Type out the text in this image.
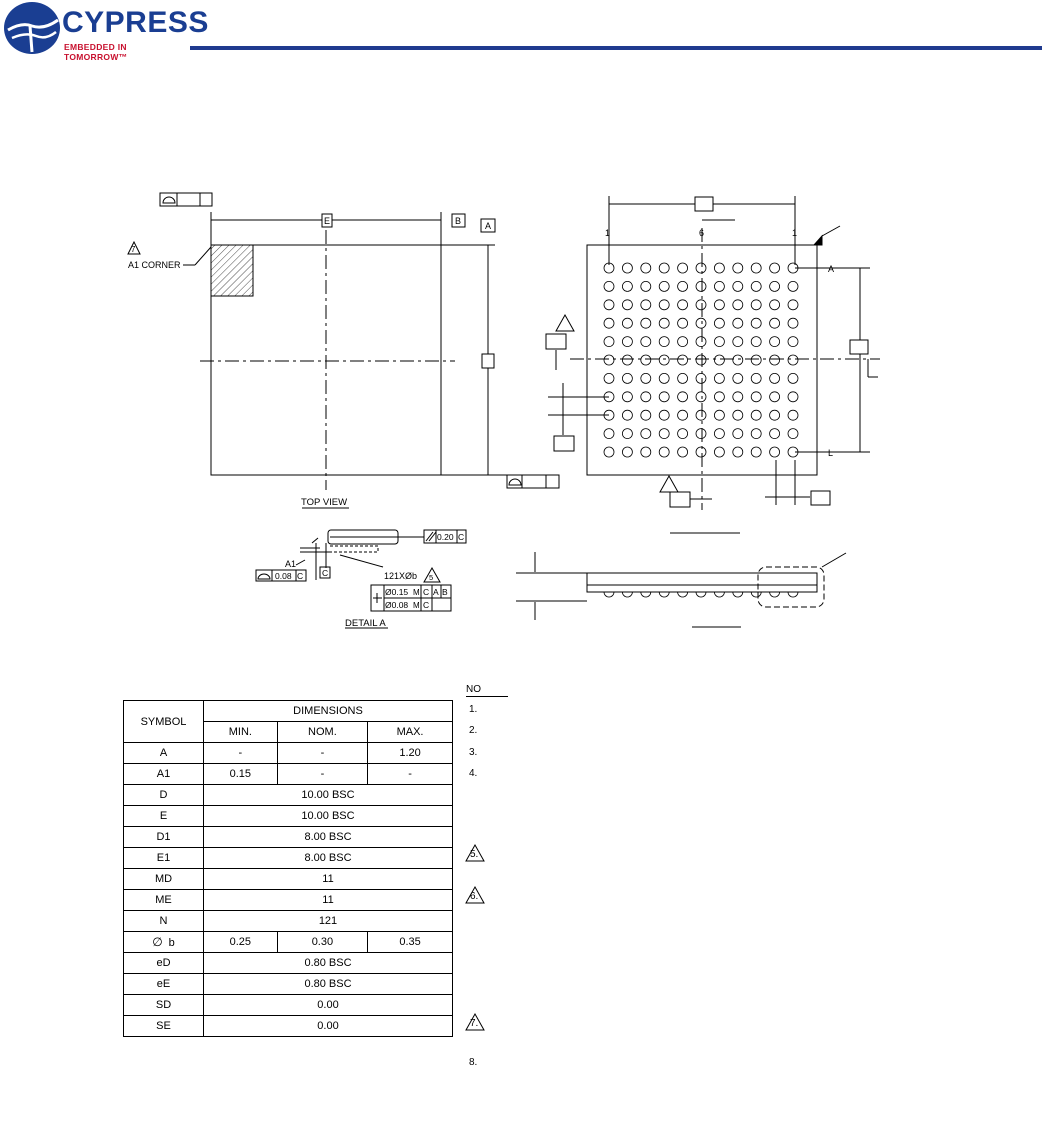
CYPRESS
EMBEDDED IN TOMORROW™
TOP VIEW
DETAIL A
7
A1 CORNER
E	B	A
1	6	1
A
L
A1
0.08 C C
0.20 C
121XØb 5
Ø0.15 M C A B
Ø0.08 M C
SYMBOL	DIMENSIONS		
	MIN.	NOM.	MAX.
A	-	-	1.20
A1	0.15	-	-
D	10.00 BSC		
E	10.00 BSC		
D1	8.00 BSC		
E1	8.00 BSC		
MD	11		
ME	11		
N	121		
∅ b	0.25	0.30	0.35
eD	0.80 BSC		
eE	0.80 BSC		
SD	0.00		
SE	0.00		
NO
1.
2.
3.
4.
5.
6.
7.
8.
